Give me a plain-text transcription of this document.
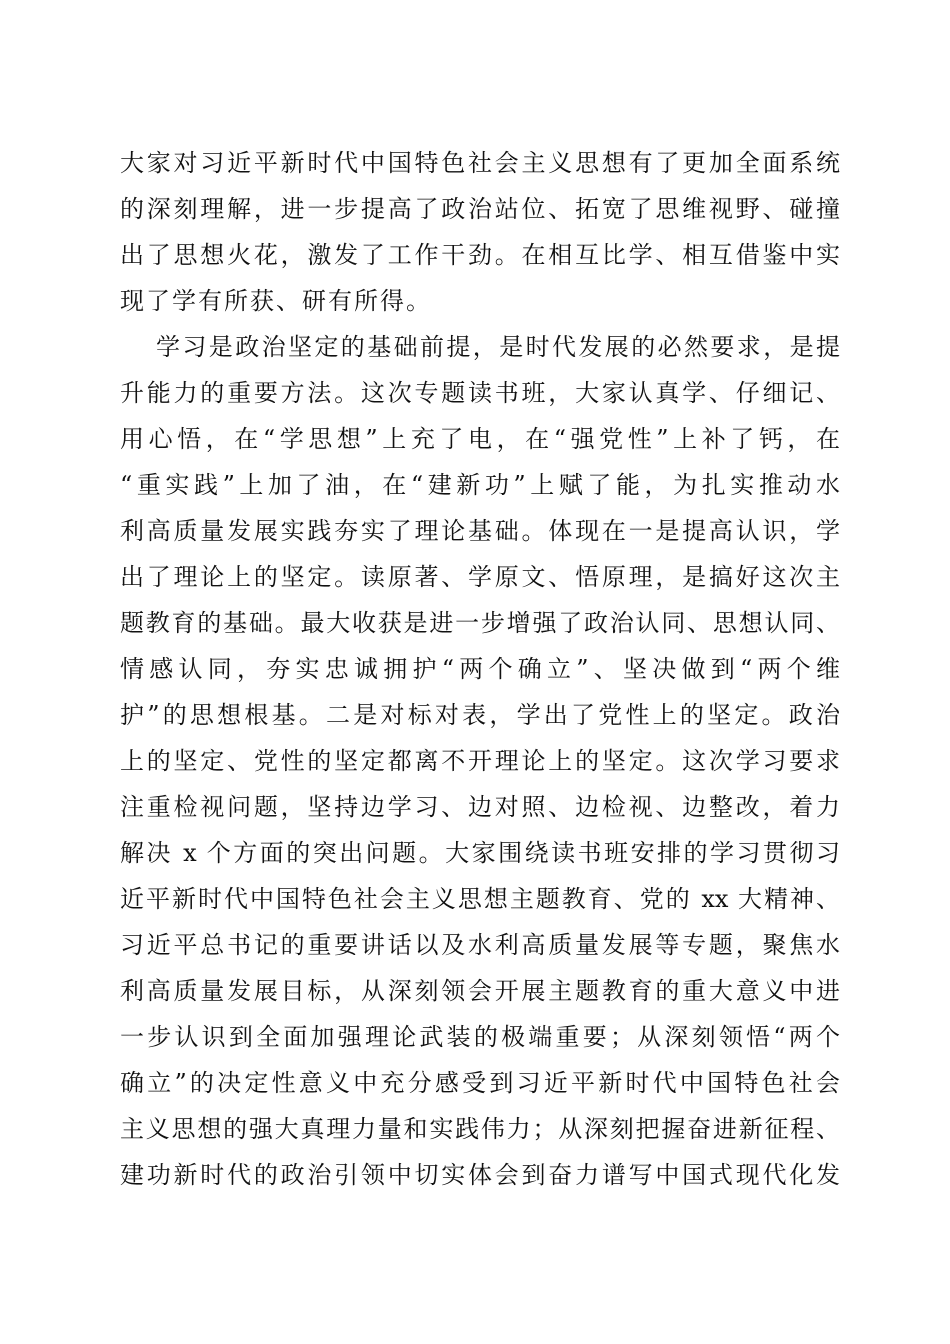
大家对习近平新时代中国特色社会主义思想有了更加全面系统
的深刻理解，进一步提高了政治站位、拓宽了思维视野、碰撞
出了思想火花，激发了工作干劲。在相互比学、相互借鉴中实
现了学有所获、研有所得。
学习是政治坚定的基础前提，是时代发展的必然要求，是提
升能力的重要方法。这次专题读书班，大家认真学、仔细记、
用心悟，在“学思想”上充了电，在“强党性”上补了钙，在
“重实践”上加了油，在“建新功”上赋了能，为扎实推动水
利高质量发展实践夯实了理论基础。体现在一是提高认识，学
出了理论上的坚定。读原著、学原文、悟原理，是搞好这次主
题教育的基础。最大收获是进一步增强了政治认同、思想认同、
情感认同，夯实忠诚拥护“两个确立”、坚决做到“两个维
护”的思想根基。二是对标对表，学出了党性上的坚定。政治
上的坚定、党性的坚定都离不开理论上的坚定。这次学习要求
注重检视问题，坚持边学习、边对照、边检视、边整改，着力
解决 x 个方面的突出问题。大家围绕读书班安排的学习贯彻习
近平新时代中国特色社会主义思想主题教育、党的 xx 大精神、
习近平总书记的重要讲话以及水利高质量发展等专题，聚焦水
利高质量发展目标，从深刻领会开展主题教育的重大意义中进
一步认识到全面加强理论武装的极端重要；从深刻领悟“两个
确立”的决定性意义中充分感受到习近平新时代中国特色社会
主义思想的强大真理力量和实践伟力；从深刻把握奋进新征程、
建功新时代的政治引领中切实体会到奋力谱写中国式现代化发
